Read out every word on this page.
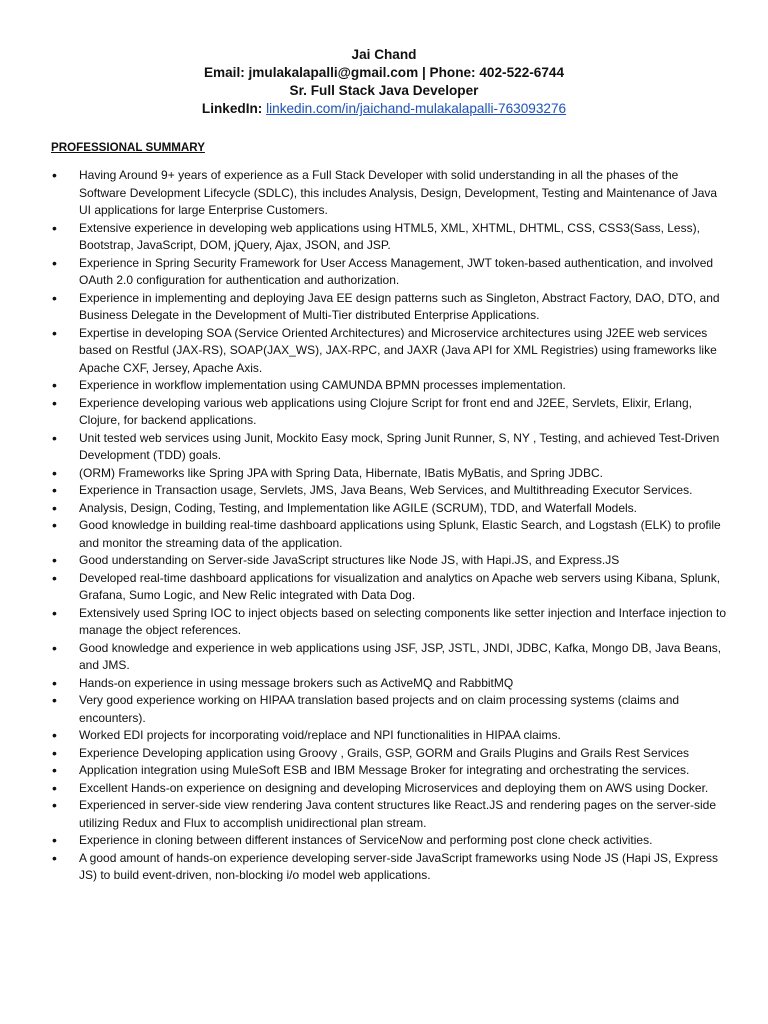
Jai Chand
Email: jmulakalapalli@gmail.com | Phone: 402-522-6744
Sr. Full Stack Java Developer
LinkedIn: linkedin.com/in/jaichand-mulakalapalli-763093276
PROFESSIONAL SUMMARY
• Having Around 9+ years of experience as a Full Stack Developer with solid understanding in all the phases of the Software Development Lifecycle (SDLC), this includes Analysis, Design, Development, Testing and Maintenance of Java UI applications for large Enterprise Customers.
• Extensive experience in developing web applications using HTML5, XML, XHTML, DHTML, CSS, CSS3(Sass, Less), Bootstrap, JavaScript, DOM, jQuery, Ajax, JSON, and JSP.
• Experience in Spring Security Framework for User Access Management, JWT token-based authentication, and involved OAuth 2.0 configuration for authentication and authorization.
• Experience in implementing and deploying Java EE design patterns such as Singleton, Abstract Factory, DAO, DTO, and Business Delegate in the Development of Multi-Tier distributed Enterprise Applications.
• Expertise in developing SOA (Service Oriented Architectures) and Microservice architectures using J2EE web services based on Restful (JAX-RS), SOAP(JAX_WS), JAX-RPC, and JAXR (Java API for XML Registries) using frameworks like Apache CXF, Jersey, Apache Axis.
• Experience in workflow implementation using CAMUNDA BPMN processes implementation.
• Experience developing various web applications using Clojure Script for front end and J2EE, Servlets, Elixir, Erlang, Clojure, for backend applications.
• Unit tested web services using Junit, Mockito Easy mock, Spring Junit Runner, S, NY , Testing, and achieved Test-Driven Development (TDD) goals.
• (ORM) Frameworks like Spring JPA with Spring Data, Hibernate, IBatis MyBatis, and Spring JDBC.
• Experience in Transaction usage, Servlets, JMS, Java Beans, Web Services, and Multithreading Executor Services.
• Analysis, Design, Coding, Testing, and Implementation like AGILE (SCRUM), TDD, and Waterfall Models.
• Good knowledge in building real-time dashboard applications using Splunk, Elastic Search, and Logstash (ELK) to profile and monitor the streaming data of the application.
• Good understanding on Server-side JavaScript structures like Node JS, with Hapi.JS, and Express.JS
• Developed real-time dashboard applications for visualization and analytics on Apache web servers using Kibana, Splunk, Grafana, Sumo Logic, and New Relic integrated with Data Dog.
• Extensively used Spring IOC to inject objects based on selecting components like setter injection and Interface injection to manage the object references.
• Good knowledge and experience in web applications using JSF, JSP, JSTL, JNDI, JDBC, Kafka, Mongo DB, Java Beans, and JMS.
• Hands-on experience in using message brokers such as ActiveMQ and RabbitMQ
• Very good experience working on HIPAA translation based projects and on claim processing systems (claims and encounters).
• Worked EDI projects for incorporating void/replace and NPI functionalities in HIPAA claims.
• Experience Developing application using Groovy , Grails, GSP, GORM and Grails Plugins and Grails Rest Services
• Application integration using MuleSoft ESB and IBM Message Broker for integrating and orchestrating the services.
• Excellent Hands-on experience on designing and developing Microservices and deploying them on AWS using Docker.
• Experienced in server-side view rendering Java content structures like React.JS and rendering pages on the server-side utilizing Redux and Flux to accomplish unidirectional plan stream.
• Experience in cloning between different instances of ServiceNow and performing post clone check activities.
• A good amount of hands-on experience developing server-side JavaScript frameworks using Node JS (Hapi JS, Express JS) to build event-driven, non-blocking i/o model web applications.
